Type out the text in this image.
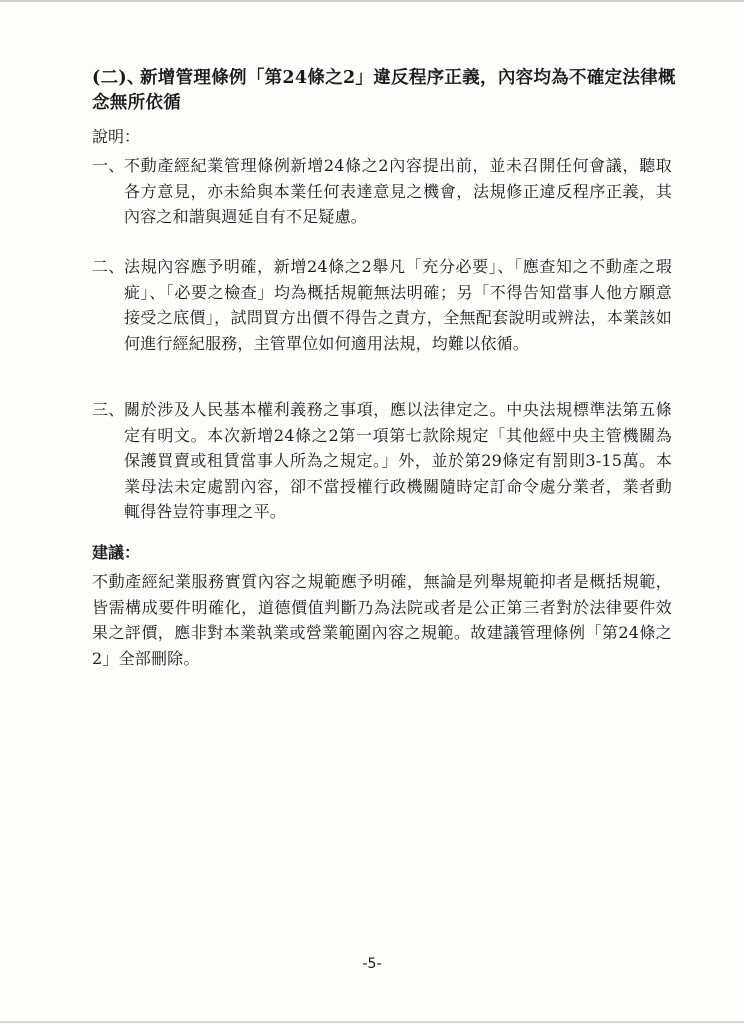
(二)、新增管理條例「第24條之2」違反程序正義，內容均為不確定法律概念無所依循
說明：
一、 不動產經紀業管理條例新增24條之2內容提出前，並未召開任何會議，聽取各方意見，亦未給與本業任何表達意見之機會，法規修正違反程序正義，其內容之和諧與週延自有不足疑慮。
二、 法規內容應予明確，新增24條之2舉凡「充分必要」、「應查知之不動產之瑕疵」、「必要之檢查」均為概括規範無法明確；另「不得告知當事人他方願意接受之底價」，試問買方出價不得告之責方，全無配套說明或辨法，本業該如何進行經紀服務，主管單位如何適用法規，均難以依循。
三、 關於涉及人民基本權利義務之事項，應以法律定之。中央法規標準法第五條定有明文。本次新增24條之2第一項第七款除規定「其他經中央主管機關為保護買賣或租賃當事人所為之規定。」外，並於第29條定有罰則3-15萬。本業母法未定處罰內容，卻不當授權行政機關隨時定訂命令處分業者，業者動輒得咎豈符事理之平。
建議：
不動產經紀業服務實質內容之規範應予明確，無論是列舉規範抑者是概括規範，皆需構成要件明確化，道德價值判斷乃為法院或者是公正第三者對於法律要件效果之評價，應非對本業執業或營業範圍內容之規範。故建議管理條例「第24條之2」全部刪除。
-5-
